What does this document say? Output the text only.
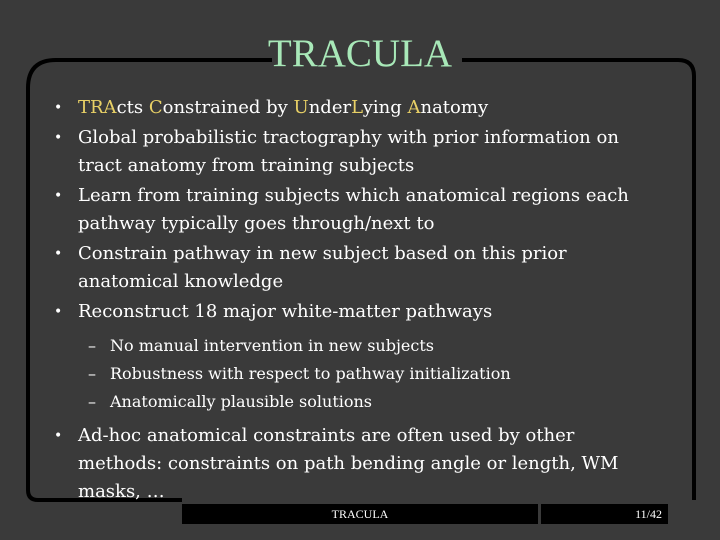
TRACULA
• TRActs Constrained by UnderLying Anatomy
• Global probabilistic tractography with prior information on tract anatomy from training subjects
• Learn from training subjects which anatomical regions each pathway typically goes through/next to
• Constrain pathway in new subject based on this prior anatomical knowledge
• Reconstruct 18 major white-matter pathways
– No manual intervention in new subjects
– Robustness with respect to pathway initialization
– Anatomically plausible solutions
• Ad-hoc anatomical constraints are often used by other methods: constraints on path bending angle or length, WM masks, …
TRACULA	11/42
